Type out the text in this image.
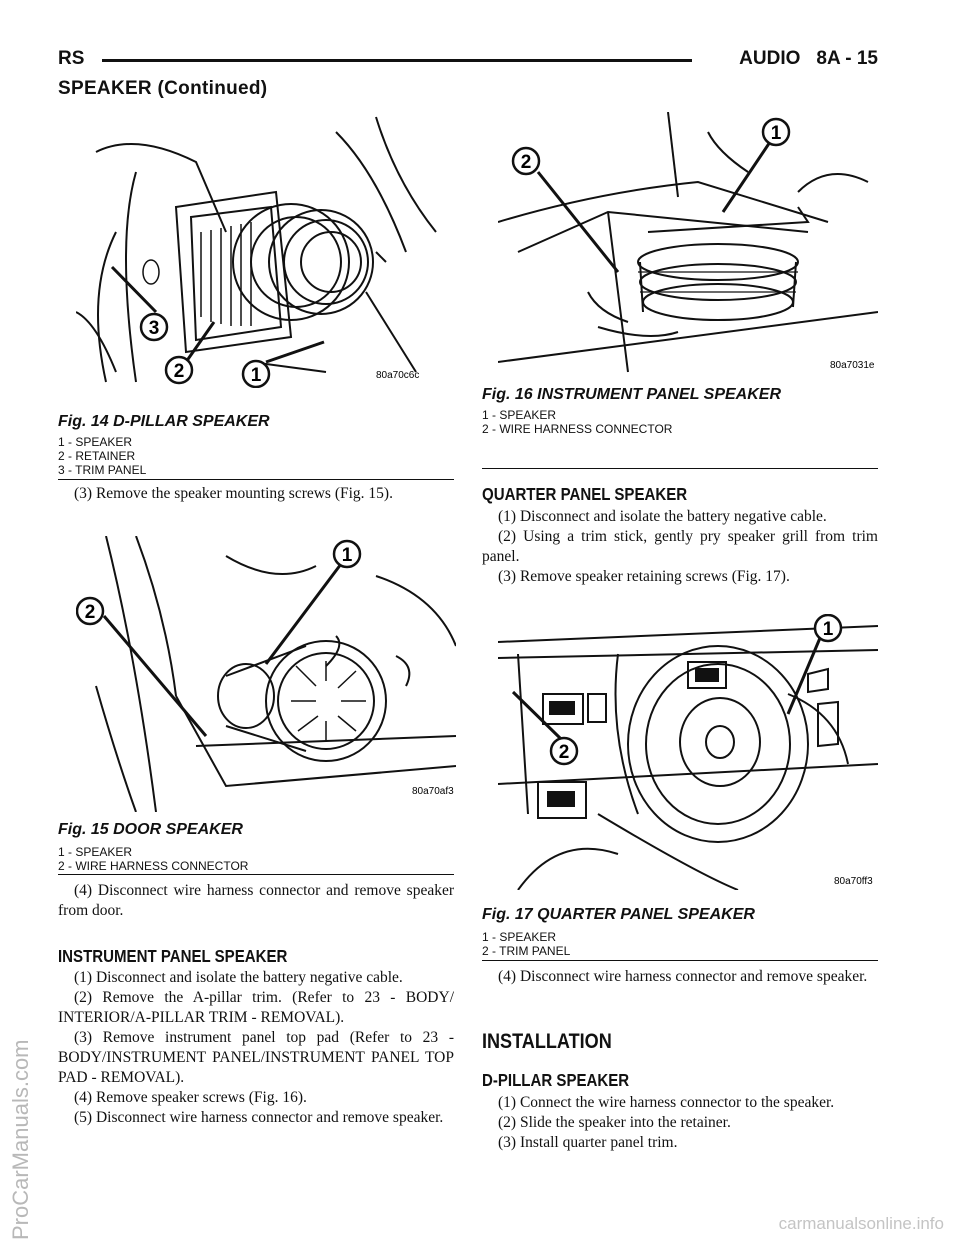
RS	AUDIO 8A - 15
SPEAKER (Continued)
1
2
3
80a70c6c
Fig. 14 D-PILLAR SPEAKER
1 - SPEAKER
2 - RETAINER
3 - TRIM PANEL

(3) Remove the speaker mounting screws (Fig. 15).

1
2
80a70af3
Fig. 15 DOOR SPEAKER
1 - SPEAKER
2 - WIRE HARNESS CONNECTOR

(4) Disconnect wire harness connector and remove speaker from door.

INSTRUMENT PANEL SPEAKER

(1) Disconnect and isolate the battery negative cable.

(2) Remove the A-pillar trim. (Refer to 23 - BODY/ INTERIOR/A-PILLAR TRIM - REMOVAL).

(3) Remove instrument panel top pad (Refer to 23 - BODY/INSTRUMENT PANEL/INSTRUMENT PANEL TOP PAD - REMOVAL).

(4) Remove speaker screws (Fig. 16).

(5) Disconnect wire harness connector and remove speaker.

1
2
80a7031e
Fig. 16 INSTRUMENT PANEL SPEAKER
1 - SPEAKER
2 - WIRE HARNESS CONNECTOR
QUARTER PANEL SPEAKER

(1) Disconnect and isolate the battery negative cable.

(2) Using a trim stick, gently pry speaker grill from trim panel.

(3) Remove speaker retaining screws (Fig. 17).

1
2
80a70ff3
Fig. 17 QUARTER PANEL SPEAKER
1 - SPEAKER
2 - TRIM PANEL

(4) Disconnect wire harness connector and remove speaker.

INSTALLATION
D-PILLAR SPEAKER

(1) Connect the wire harness connector to the speaker.

(2) Slide the speaker into the retainer.

(3) Install quarter panel trim.

ProCarManuals.com	carmanualsonline.info
